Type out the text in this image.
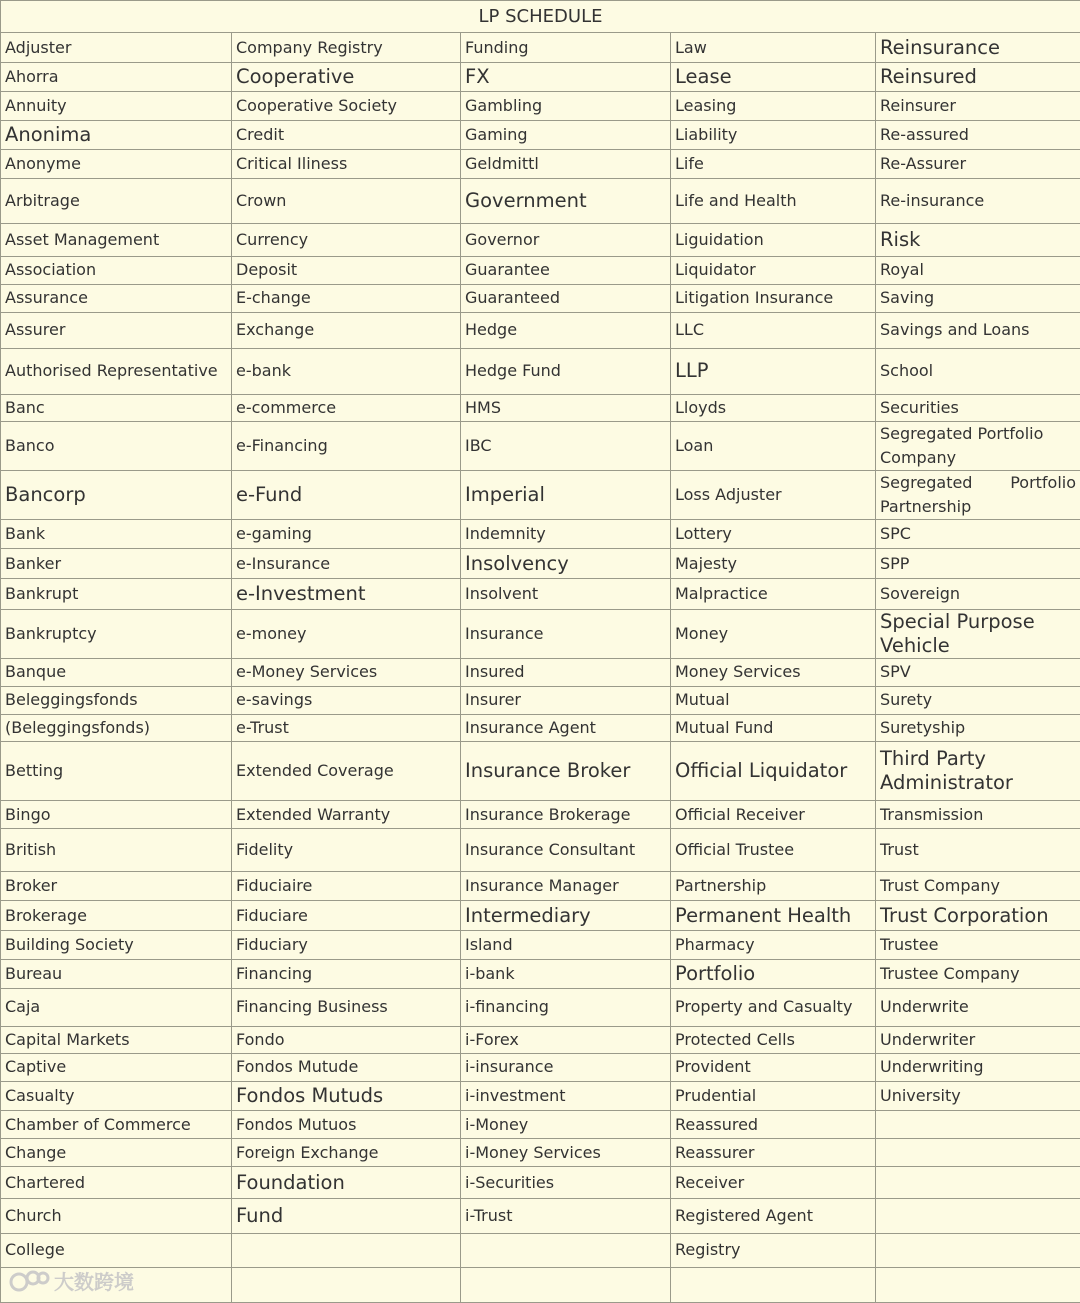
LP SCHEDULE				
Adjuster	Company Registry	Funding	Law	Reinsurance
Ahorra	Cooperative	FX	Lease	Reinsured
Annuity	Cooperative Society	Gambling	Leasing	Reinsurer
Anonima	Credit	Gaming	Liability	Re-assured
Anonyme	Critical Iliness	Geldmittl	Life	Re-Assurer
Arbitrage	Crown	Government	Life and Health	Re-insurance
Asset Management	Currency	Governor	Liguidation	Risk
Association	Deposit	Guarantee	Liquidator	Royal
Assurance	E-change	Guaranteed	Litigation Insurance	Saving
Assurer	Exchange	Hedge	LLC	Savings and Loans
Authorised Representative	e-bank	Hedge Fund	LLP	School
Banc	e-commerce	HMS	Lloyds	Securities
Banco	e-Financing	IBC	Loan	Segregated Portfolio Company
Bancorp	e-Fund	Imperial	Loss Adjuster	Segregated Portfolio Partnership
Bank	e-gaming	Indemnity	Lottery	SPC
Banker	e-Insurance	Insolvency	Majesty	SPP
Bankrupt	e-Investment	Insolvent	Malpractice	Sovereign
Bankruptcy	e-money	Insurance	Money	Special Purpose Vehicle
Banque	e-Money Services	Insured	Money Services	SPV
Beleggingsfonds	e-savings	Insurer	Mutual	Surety
(Beleggingsfonds)	e-Trust	Insurance Agent	Mutual Fund	Suretyship
Betting	Extended Coverage	Insurance Broker	Official Liquidator	Third Party Administrator
Bingo	Extended Warranty	Insurance Brokerage	Official Receiver	Transmission
British	Fidelity	Insurance Consultant	Official Trustee	Trust
Broker	Fiduciaire	Insurance Manager	Partnership	Trust Company
Brokerage	Fiduciare	Intermediary	Permanent Health	Trust Corporation
Building Society	Fiduciary	Island	Pharmacy	Trustee
Bureau	Financing	i-bank	Portfolio	Trustee Company
Caja	Financing Business	i-financing	Property and Casualty	Underwrite
Capital Markets	Fondo	i-Forex	Protected Cells	Underwriter
Captive	Fondos Mutude	i-insurance	Provident	Underwriting
Casualty	Fondos Mutuds	i-investment	Prudential	University
Chamber of Commerce	Fondos Mutuos	i-Money	Reassured	
Change	Foreign Exchange	i-Money Services	Reassurer	
Chartered	Foundation	i-Securities	Receiver	
Church	Fund	i-Trust	Registered Agent	
College			Registry	

大数跨境
